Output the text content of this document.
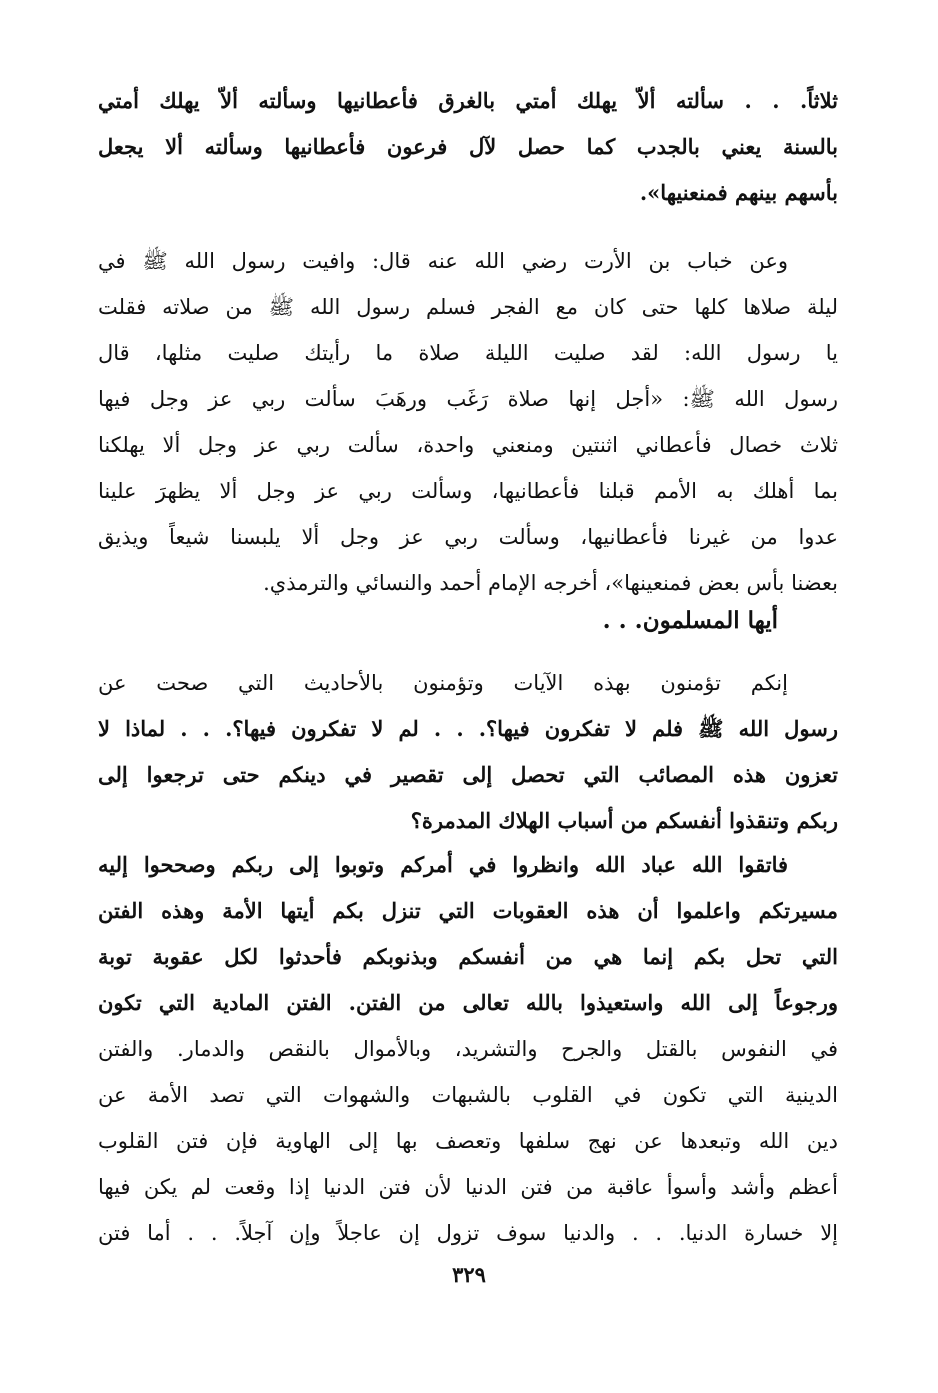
ثلاثاً. . . سألته ألاّ يهلك أمتي بالغرق فأعطانيها وسألته ألاّ يهلك أمتي
بالسنة يعني بالجدب كما حصل لآل فرعون فأعطانيها وسألته ألا يجعل
بأسهم بينهم فمنعنيها».
وعن خباب بن الأرت رضي الله عنه قال: وافيت رسول الله ﷺ في
ليلة صلاها كلها حتى كان مع الفجر فسلم رسول الله ﷺ من صلاته فقلت
يا رسول الله: لقد صليت الليلة صلاة ما رأيتك صليت مثلها، قال
رسول الله ﷺ: «أجل إنها صلاة رَغَب ورهَبَ سألت ربي عز وجل فيها
ثلاث خصال فأعطاني اثنتين ومنعني واحدة، سألت ربي عز وجل ألا يهلكنا
بما أهلك به الأمم قبلنا فأعطانيها، وسألت ربي عز وجل ألا يظهرَ علينا
عدوا من غيرنا فأعطانيها، وسألت ربي عز وجل ألا يلبسنا شيعاً ويذيق
بعضنا بأس بعض فمنعينها»، أخرجه الإمام أحمد والنسائي والترمذي.
أيها المسلمون. . .
إنكم تؤمنون بهذه الآيات وتؤمنون بالأحاديث التي صحت عن
رسول الله ﷺ فلم لا تفكرون فيها؟. . . لم لا تفكرون فيها؟. . . لماذا لا
تعزون هذه المصائب التي تحصل إلى تقصير في دينكم حتى ترجعوا إلى
ربكم وتنقذوا أنفسكم من أسباب الهلاك المدمرة؟
فاتقوا الله عباد الله وانظروا في أمركم وتوبوا إلى ربكم وصححوا إليه
مسيرتكم واعلموا أن هذه العقوبات التي تنزل بكم أيتها الأمة وهذه الفتن
التي تحل بكم إنما هي من أنفسكم وبذنوبكم فأحدثوا لكل عقوبة توبة
ورجوعاً إلى الله واستعيذوا بالله تعالى من الفتن. الفتن المادية التي تكون
في النفوس بالقتل والجرح والتشريد، وبالأموال بالنقص والدمار. والفتن
الدينية التي تكون في القلوب بالشبهات والشهوات التي تصد الأمة عن
دين الله وتبعدها عن نهج سلفها وتعصف بها إلى الهاوية فإن فتن القلوب
أعظم وأشد وأسوأ عاقبة من فتن الدنيا لأن فتن الدنيا إذا وقعت لم يكن فيها
إلا خسارة الدنيا. . . والدنيا سوف تزول إن عاجلاً وإن آجلاً. . . أما فتن
٣٢٩
